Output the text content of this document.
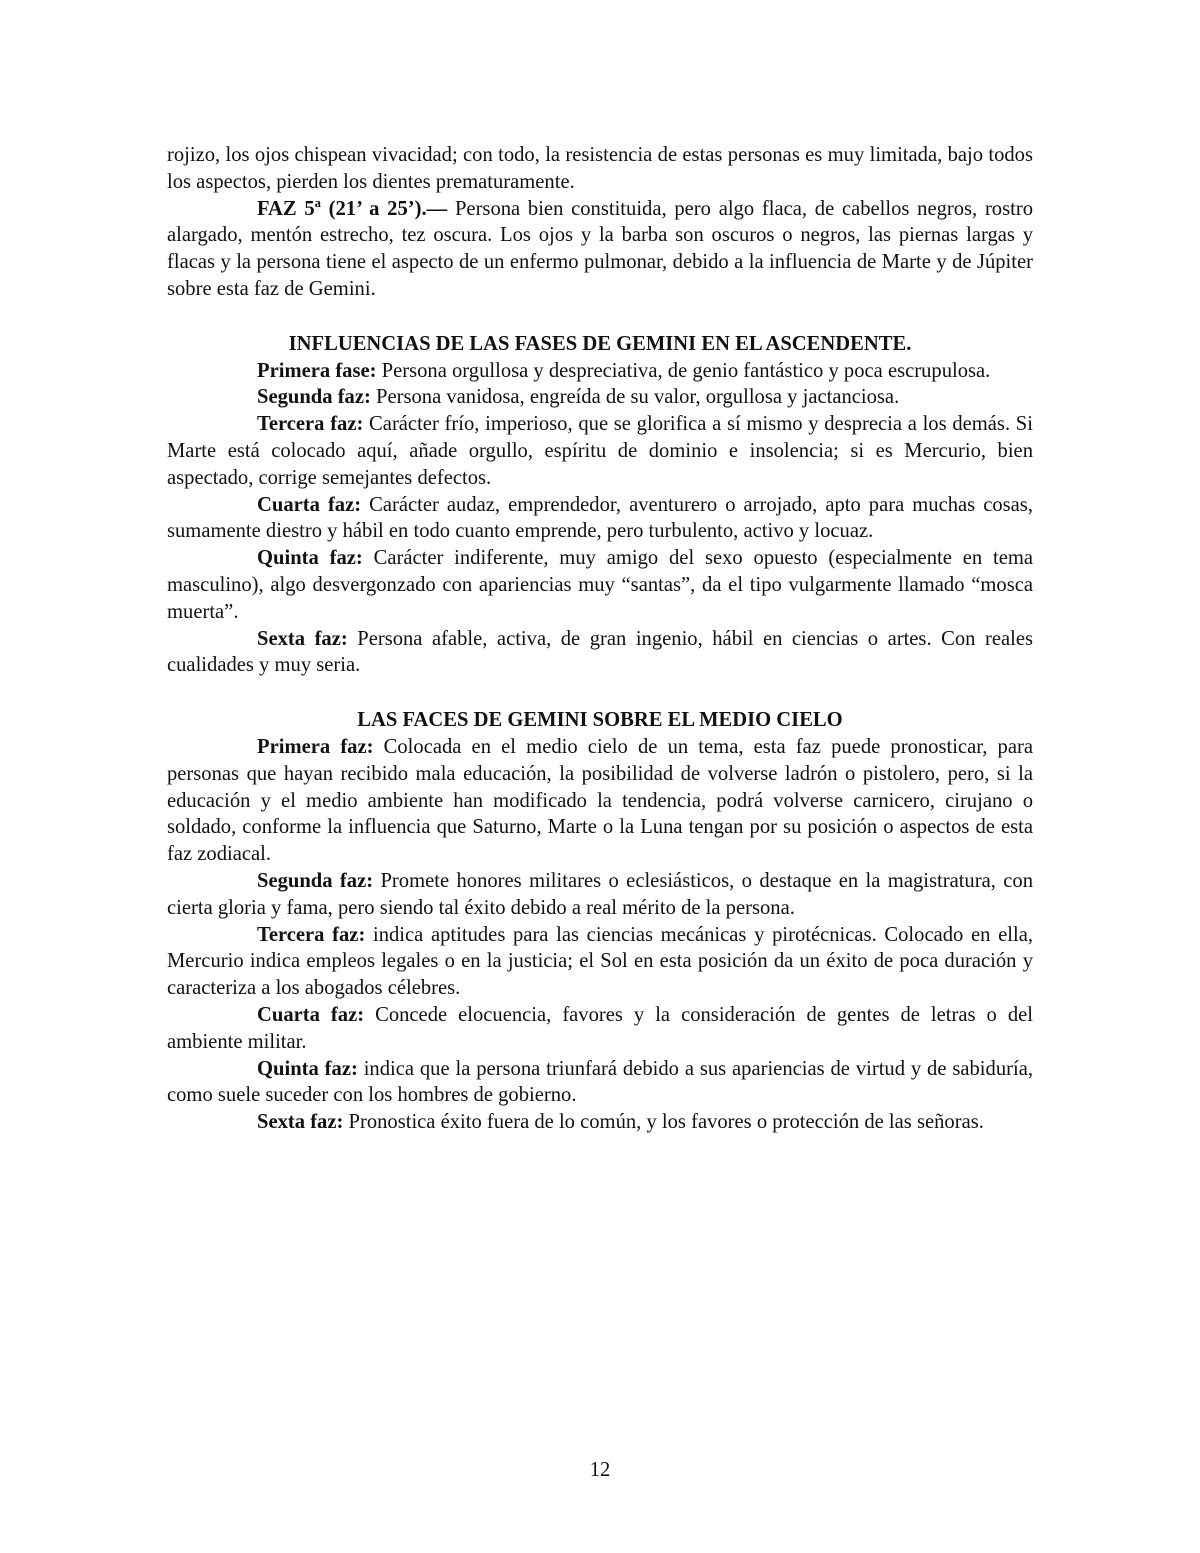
rojizo, los ojos chispean vivacidad; con todo, la resistencia de estas personas es muy limitada, bajo todos los aspectos, pierden los dientes prematuramente.

FAZ 5$^a$ (21’ a 25’).— Persona bien constituida, pero algo flaca, de cabellos negros, rostro alargado, mentón estrecho, tez oscura. Los ojos y la barba son oscuros o negros, las piernas largas y flacas y la persona tiene el aspecto de un enfermo pulmonar, debido a la influencia de Marte y de Júpiter sobre esta faz de Gemini.

INFLUENCIAS DE LAS FASES DE GEMINI EN EL ASCENDENTE.

Primera fase: Persona orgullosa y despreciativa, de genio fantástico y poca escrupulosa.

Segunda faz: Persona vanidosa, engreída de su valor, orgullosa y jactanciosa.

Tercera faz: Carácter frío, imperioso, que se glorifica a sí mismo y desprecia a los demás. Si Marte está colocado aquí, añade orgullo, espíritu de dominio e insolencia; si es Mercurio, bien aspectado, corrige semejantes defectos.

Cuarta faz: Carácter audaz, emprendedor, aventurero o arrojado, apto para muchas cosas, sumamente diestro y hábil en todo cuanto emprende, pero turbulento, activo y locuaz.

Quinta faz: Carácter indiferente, muy amigo del sexo opuesto (especialmente en tema masculino), algo desvergonzado con apariencias muy “santas”, da el tipo vulgarmente llamado “mosca muerta”.

Sexta faz: Persona afable, activa, de gran ingenio, hábil en ciencias o artes. Con reales cualidades y muy seria.

LAS FACES DE GEMINI SOBRE EL MEDIO CIELO

Primera faz: Colocada en el medio cielo de un tema, esta faz puede pronosticar, para personas que hayan recibido mala educación, la posibilidad de volverse ladrón o pistolero, pero, si la educación y el medio ambiente han modificado la tendencia, podrá volverse carnicero, cirujano o soldado, conforme la influencia que Saturno, Marte o la Luna tengan por su posición o aspectos de esta faz zodiacal.

Segunda faz: Promete honores militares o eclesiásticos, o destaque en la magistratura, con cierta gloria y fama, pero siendo tal éxito debido a real mérito de la persona.

Tercera faz: indica aptitudes para las ciencias mecánicas y pirotécnicas. Colocado en ella, Mercurio indica empleos legales o en la justicia; el Sol en esta posición da un éxito de poca duración y caracteriza a los abogados célebres.

Cuarta faz: Concede elocuencia, favores y la consideración de gentes de letras o del ambiente militar.

Quinta faz: indica que la persona triunfará debido a sus apariencias de virtud y de sabiduría, como suele suceder con los hombres de gobierno.

Sexta faz: Pronostica éxito fuera de lo común, y los favores o protección de las señoras.

12
